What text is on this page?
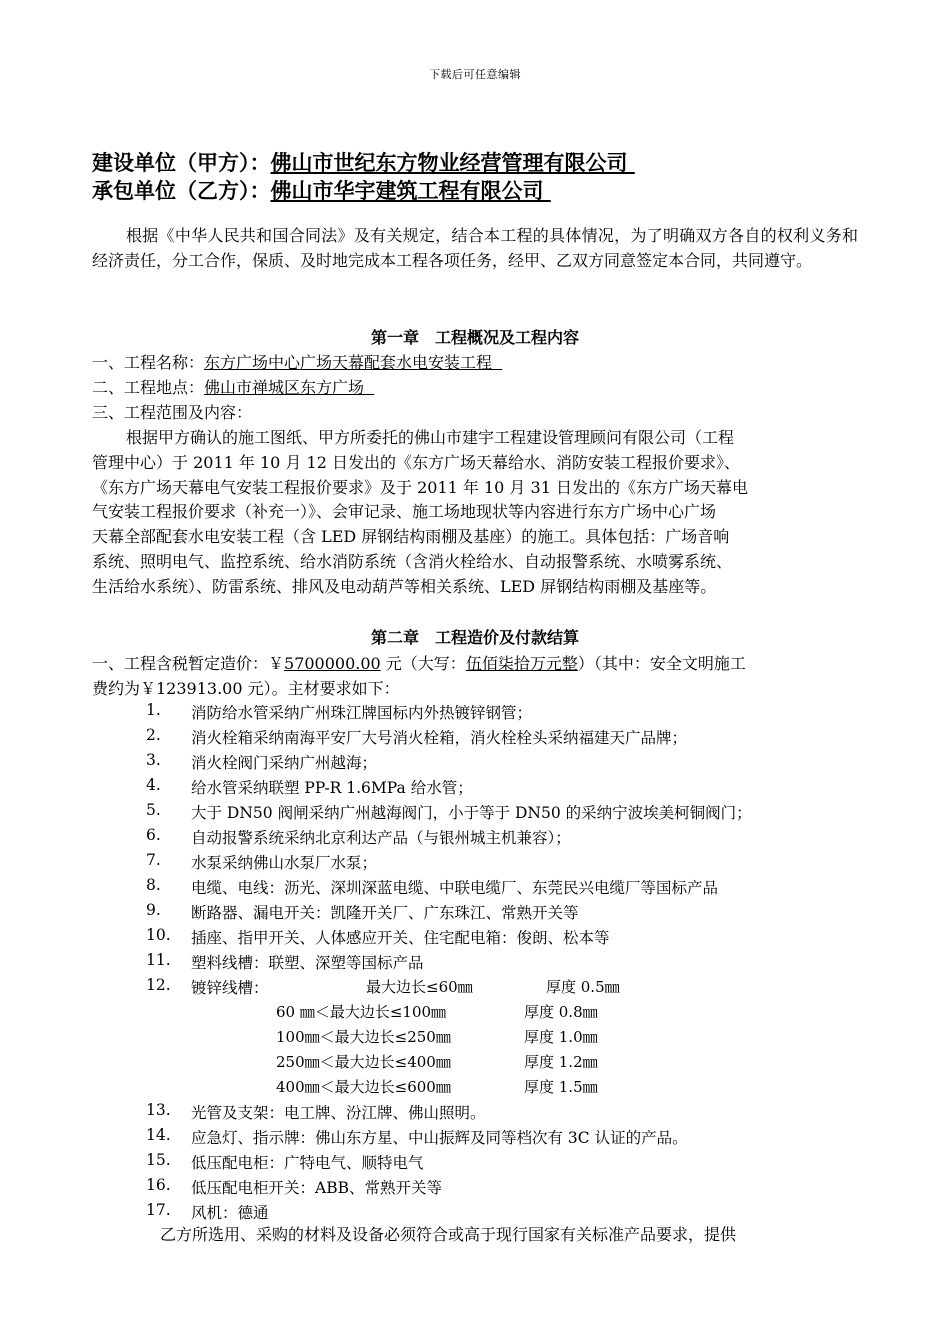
下载后可任意编辑
建设单位（甲方）：佛山市世纪东方物业经营管理有限公司
承包单位（乙方）：佛山市华宇建筑工程有限公司
根据《中华人民共和国合同法》及有关规定，结合本工程的具体情况，为了明确双方各自的权利义务和经济责任，分工合作，保质、及时地完成本工程各项任务，经甲、乙双方同意签定本合同，共同遵守。
第一章　工程概况及工程内容
一、工程名称：东方广场中心广场天幕配套水电安装工程
二、工程地点：佛山市禅城区东方广场
三、工程范围及内容：
根据甲方确认的施工图纸、甲方所委托的佛山市建宇工程建设管理顾问有限公司（工程
管理中心）于 2011 年 10 月 12 日发出的《东方广场天幕给水、消防安装工程报价要求》、
《东方广场天幕电气安装工程报价要求》及于 2011 年 10 月 31 日发出的《东方广场天幕电
气安装工程报价要求（补充一）》、会审记录、施工场地现状等内容进行东方广场中心广场
天幕全部配套水电安装工程（含 LED 屏钢结构雨棚及基座）的施工。具体包括：广场音响
系统、照明电气、监控系统、给水消防系统（含消火栓给水、自动报警系统、水喷雾系统、
生活给水系统）、防雷系统、排风及电动葫芦等相关系统、LED 屏钢结构雨棚及基座等。
第二章　工程造价及付款结算
一、工程含税暂定造价：￥5700000.00 元（大写：伍佰柒拾万元整）（其中：安全文明施工
费约为￥123913.00 元）。主材要求如下：
1. 消防给水管采纳广州珠江牌国标内外热镀锌钢管；
2. 消火栓箱采纳南海平安厂大号消火栓箱，消火栓栓头采纳福建天广品牌；
3. 消火栓阀门采纳广州越海；
4. 给水管采纳联塑 PP-R 1.6MPa 给水管；
5. 大于 DN50 阀闸采纳广州越海阀门，小于等于 DN50 的采纳宁波埃美柯铜阀门；
6. 自动报警系统采纳北京利达产品（与银州城主机兼容）；
7. 水泵采纳佛山水泵厂水泵；
8. 电缆、电线：沥光、深圳深蓝电缆、中联电缆厂、东莞民兴电缆厂等国标产品
9. 断路器、漏电开关：凯隆开关厂、广东珠江、常熟开关等
10. 插座、指甲开关、人体感应开关、住宅配电箱：俊朗、松本等
11. 塑料线槽：联塑、深塑等国标产品
12. 镀锌线槽：	最大边长≤60㎜	厚度 0.5㎜
60 ㎜＜最大边长≤100㎜	厚度 0.8㎜
100㎜＜最大边长≤250㎜	厚度 1.0㎜
250㎜＜最大边长≤400㎜	厚度 1.2㎜
400㎜＜最大边长≤600㎜	厚度 1.5㎜
13. 光管及支架：电工牌、汾江牌、佛山照明。
14. 应急灯、指示牌：佛山东方星、中山振辉及同等档次有 3C 认证的产品。
15. 低压配电柜：广特电气、顺特电气
16. 低压配电柜开关：ABB、常熟开关等
17. 风机：德通
乙方所选用、采购的材料及设备必须符合或高于现行国家有关标准产品要求，提供
